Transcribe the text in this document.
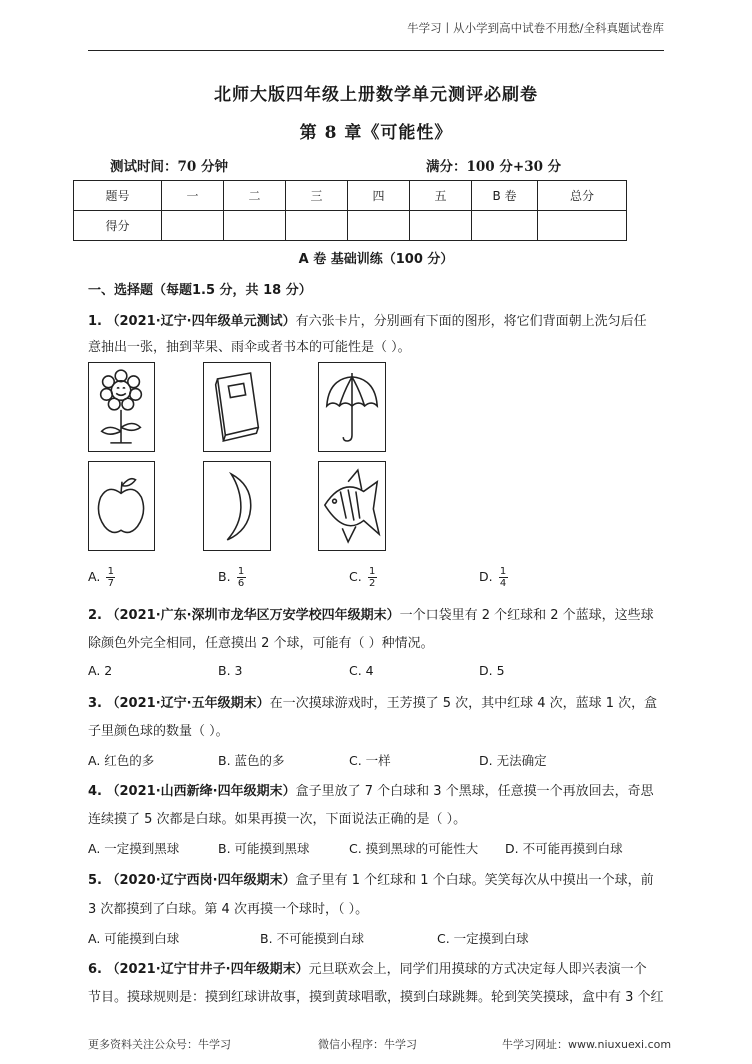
牛学习丨从小学到高中试卷不用愁/全科真题试卷库
北师大版四年级上册数学单元测评必刷卷
第 8 章《可能性》
测试时间：70 分钟	满分：100 分+30 分
题号	一	二	三	四	五	B 卷	总分
得分							
A 卷 基础训练（100 分）
一、选择题（每题1.5 分，共 18 分）
1. （2021·辽宁·四年级单元测试）有六张卡片，分别画有下面的图形，将它们背面朝上洗匀后任
意抽出一张，抽到苹果、雨伞或者书本的可能性是（ ）。
A. $\frac{1}{7}$	B. $\frac{1}{6}$	C. $\frac{1}{2}$	D. $\frac{1}{4}$
2. （2021·广东·深圳市龙华区万安学校四年级期末）一个口袋里有 2 个红球和 2 个蓝球，这些球
除颜色外完全相同，任意摸出 2 个球，可能有（ ）种情况。
A. 2	B. 3	C. 4	D. 5
3. （2021·辽宁·五年级期末）在一次摸球游戏时，王芳摸了 5 次，其中红球 4 次，蓝球 1 次，盒
子里颜色球的数量（ ）。
A. 红色的多	B. 蓝色的多	C. 一样	D. 无法确定
4. （2021·山西新绛·四年级期末）盒子里放了 7 个白球和 3 个黑球，任意摸一个再放回去，奇思
连续摸了 5 次都是白球。如果再摸一次，下面说法正确的是（ ）。
A. 一定摸到黑球	B. 可能摸到黑球	C. 摸到黑球的可能性大 D. 不可能再摸到白球
5. （2020·辽宁西岗·四年级期末）盒子里有 1 个红球和 1 个白球。笑笑每次从中摸出一个球，前
3 次都摸到了白球。第 4 次再摸一个球时，（ ）。
A. 可能摸到白球	B. 不可能摸到白球	C. 一定摸到白球
6. （2021·辽宁甘井子·四年级期末）元旦联欢会上，同学们用摸球的方式决定每人即兴表演一个
节目。摸球规则是：摸到红球讲故事，摸到黄球唱歌，摸到白球跳舞。轮到笑笑摸球，盒中有 3 个红
更多资料关注公众号：牛学习	微信小程序：牛学习	牛学习网址：www.niuxuexi.com
